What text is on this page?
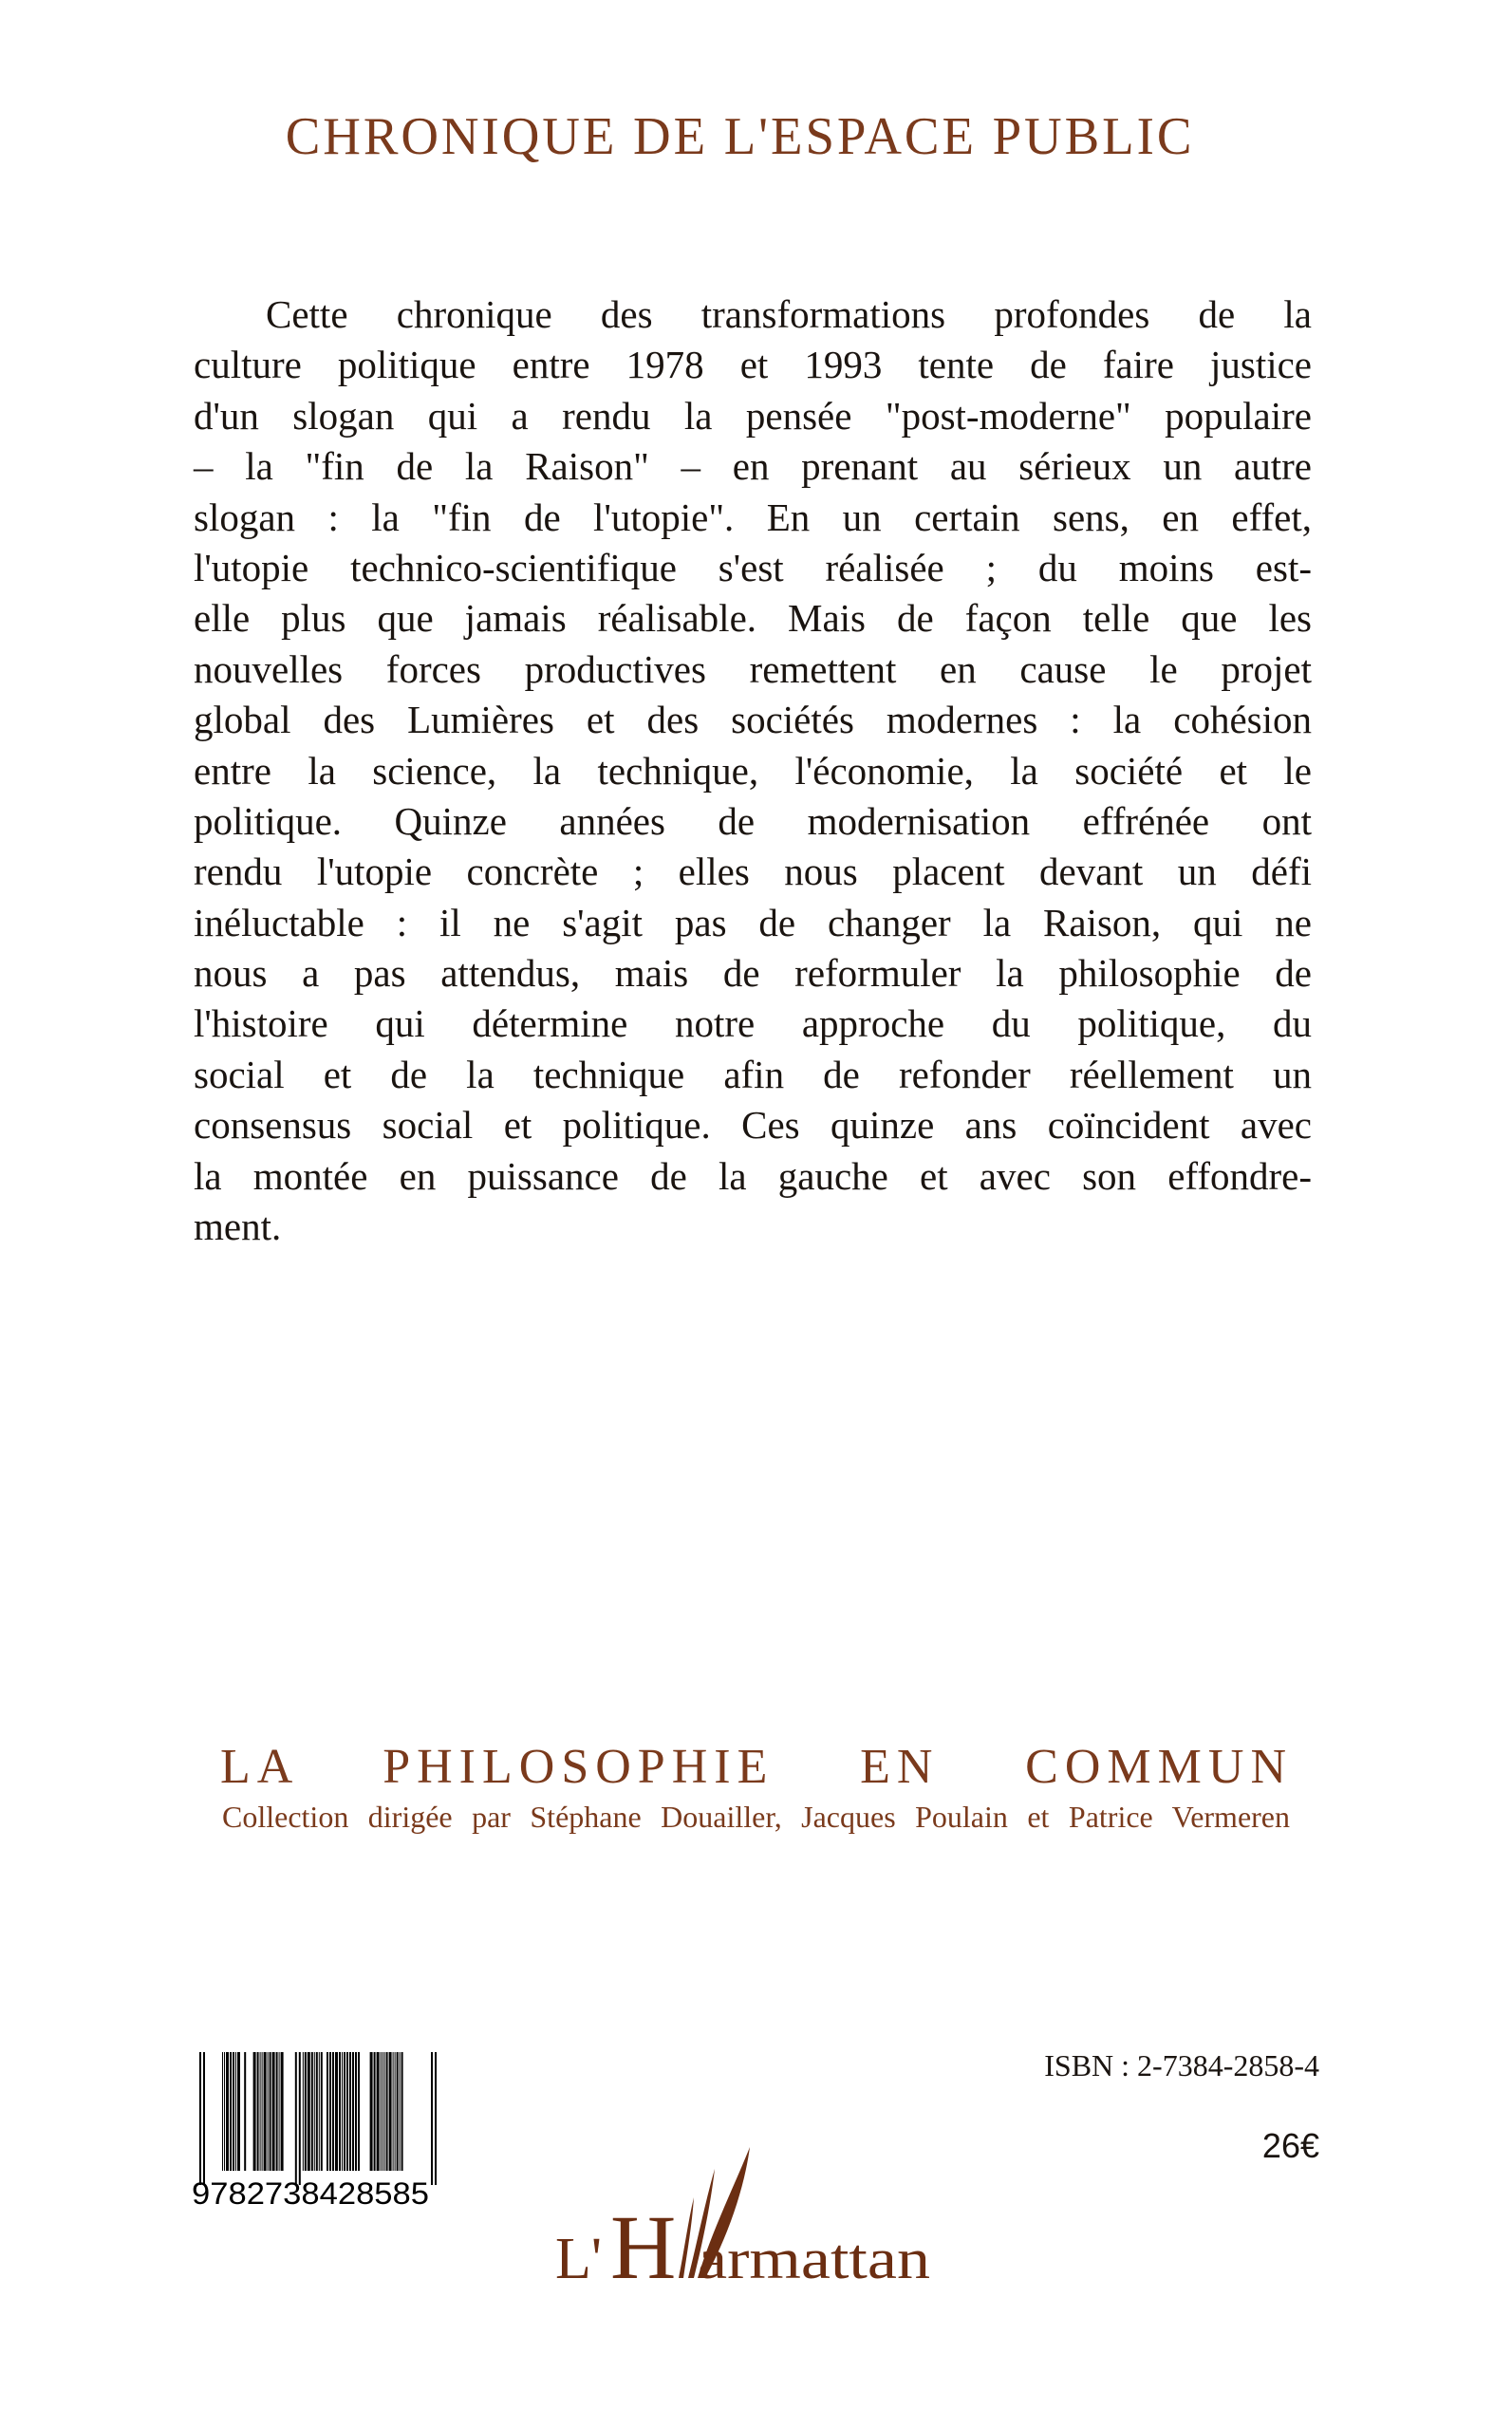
CHRONIQUE DE L'ESPACE PUBLIC
Cette chronique des transformations profondes de la
culture politique entre 1978 et 1993 tente de faire justice
d'un slogan qui a rendu la pensée "post-moderne" populaire
– la "fin de la Raison" – en prenant au sérieux un autre
slogan : la "fin de l'utopie". En un certain sens, en effet,
l'utopie technico-scientifique s'est réalisée ; du moins est-
elle plus que jamais réalisable. Mais de façon telle que les
nouvelles forces productives remettent en cause le projet
global des Lumières et des sociétés modernes : la cohésion
entre la science, la technique, l'économie, la société et le
politique. Quinze années de modernisation effrénée ont
rendu l'utopie concrète ; elles nous placent devant un défi
inéluctable : il ne s'agit pas de changer la Raison, qui ne
nous a pas attendus, mais de reformuler la philosophie de
l'histoire qui détermine notre approche du politique, du
social et de la technique afin de refonder réellement un
consensus social et politique. Ces quinze ans coïncident avec
la montée en puissance de la gauche et avec son effondre-
ment.
LA PHILOSOPHIE EN COMMUN
Collection dirigée par Stéphane Douailler, Jacques Poulain et Patrice Vermeren
9782738428585
ISBN : 2-7384-2858-4
26€
L' H armattan
